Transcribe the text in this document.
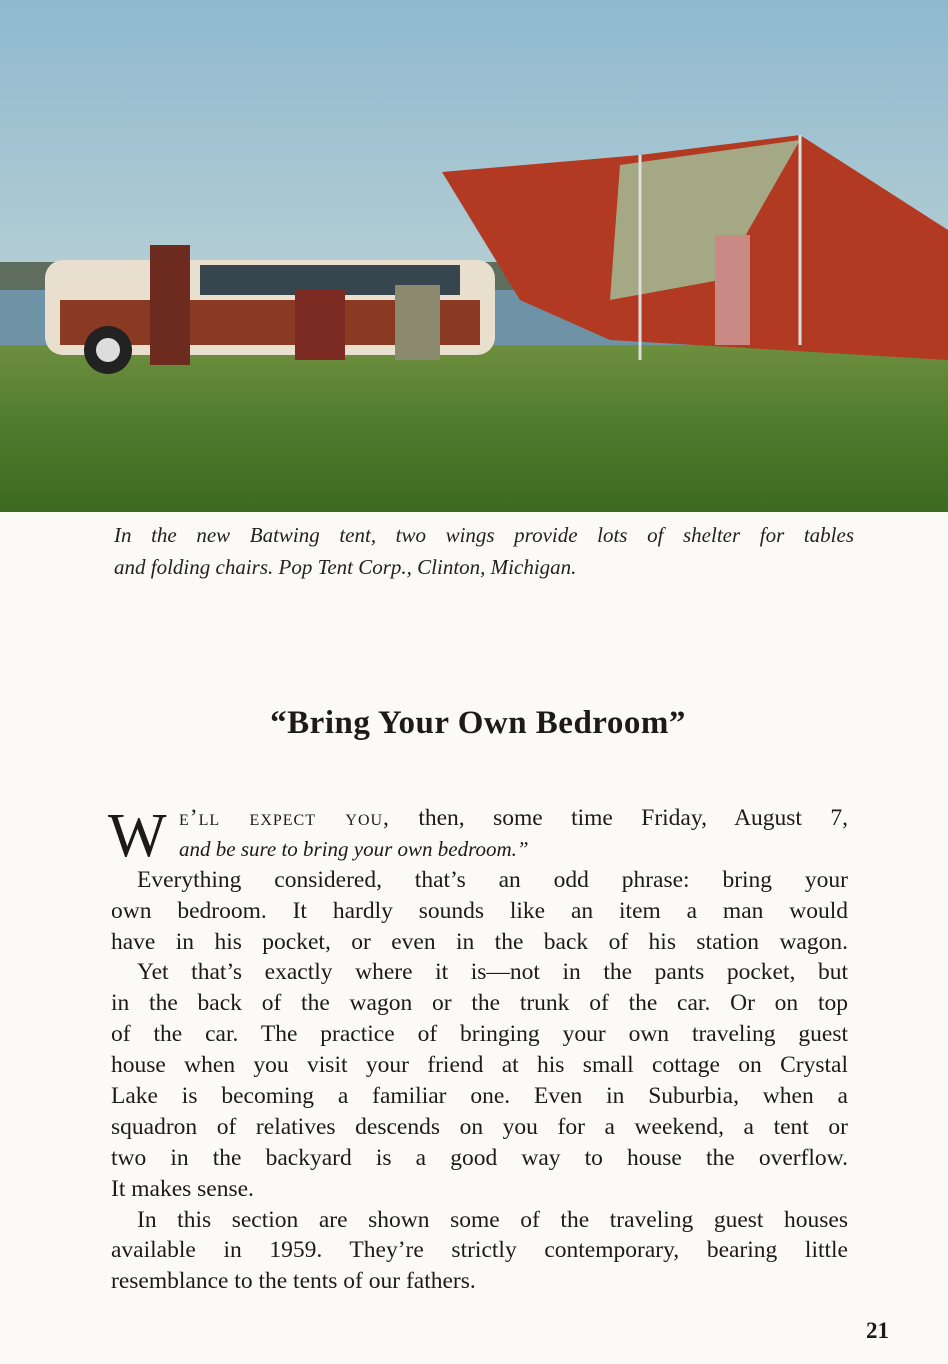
In the new Batwing tent, two wings provide lots of shelter for tables
and folding chairs. Pop Tent Corp., Clinton, Michigan.
“Bring Your Own Bedroom”
W e’ll expect you, then, some time Friday, August 7,
and be sure to bring your own bedroom.”
Everything considered, that’s an odd phrase: bring your
own bedroom. It hardly sounds like an item a man would
have in his pocket, or even in the back of his station wagon.
Yet that’s exactly where it is—not in the pants pocket, but
in the back of the wagon or the trunk of the car. Or on top
of the car. The practice of bringing your own traveling guest
house when you visit your friend at his small cottage on Crystal
Lake is becoming a familiar one. Even in Suburbia, when a
squadron of relatives descends on you for a weekend, a tent or
two in the backyard is a good way to house the overflow.
It makes sense.
In this section are shown some of the traveling guest houses
available in 1959. They’re strictly contemporary, bearing little
resemblance to the tents of our fathers.
21
